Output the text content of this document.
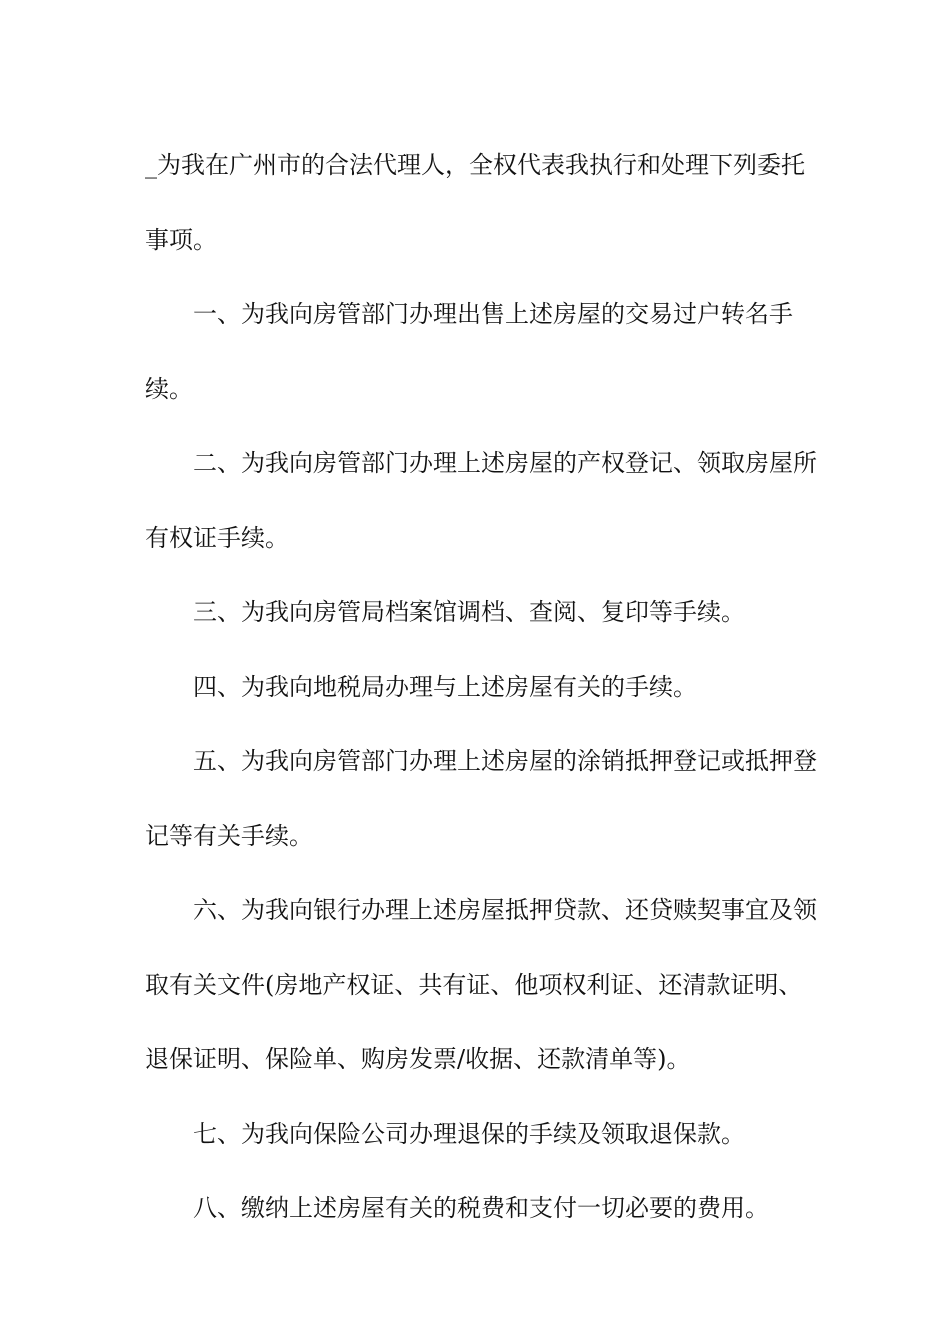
_为我在广州市的合法代理人，全权代表我执行和处理下列委托事项。

一、为我向房管部门办理出售上述房屋的交易过户转名手续。

二、为我向房管部门办理上述房屋的产权登记、领取房屋所有权证手续。

三、为我向房管局档案馆调档、查阅、复印等手续。

四、为我向地税局办理与上述房屋有关的手续。

五、为我向房管部门办理上述房屋的涂销抵押登记或抵押登记等有关手续。

六、为我向银行办理上述房屋抵押贷款、还贷赎契事宜及领取有关文件(房地产权证、共有证、他项权利证、还清款证明、退保证明、保险单、购房发票/收据、还款清单等)。

七、为我向保险公司办理退保的手续及领取退保款。

八、缴纳上述房屋有关的税费和支付一切必要的费用。
